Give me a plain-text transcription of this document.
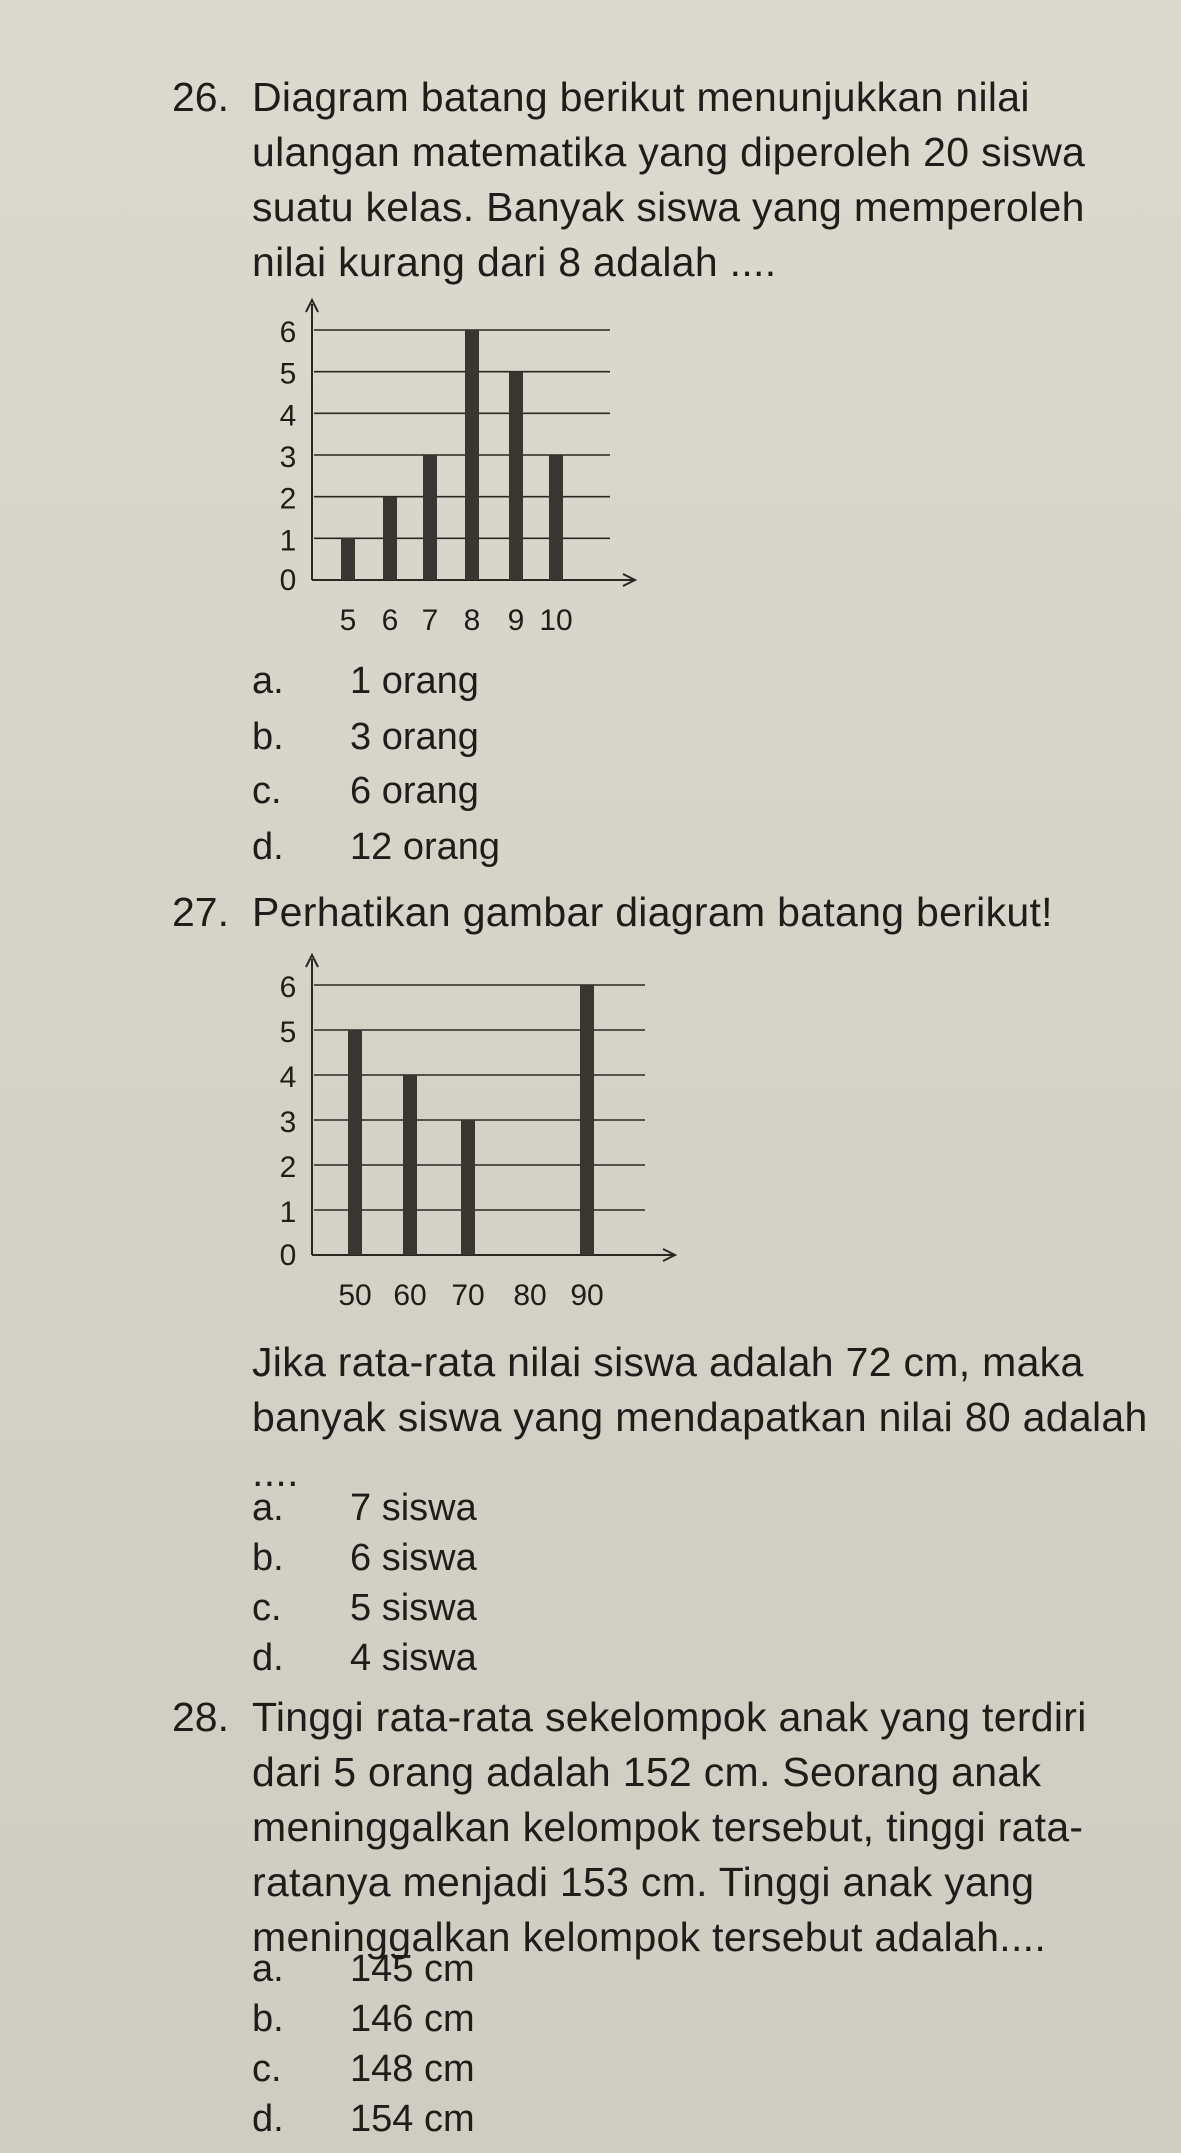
26. Diagram batang berikut menunjukkan nilai
ulangan matematika yang diperoleh 20 siswa
suatu kelas. Banyak siswa yang memperoleh
nilai kurang dari 8 adalah ....
0
1
2
3
4
5
6
5 6 7 8 9 10
a. 1 orang
b. 3 orang
c. 6 orang
d. 12 orang
27. Perhatikan gambar diagram batang berikut!
0
1
2
3
4
5
6
50 60 70 80 90
Jika rata-rata nilai siswa adalah 72 cm, maka
banyak siswa yang mendapatkan nilai 80 adalah
....
a. 7 siswa
b. 6 siswa
c. 5 siswa
d. 4 siswa
28. Tinggi rata-rata sekelompok anak yang terdiri
dari 5 orang adalah 152 cm. Seorang anak
meninggalkan kelompok tersebut, tinggi rata-
ratanya menjadi 153 cm. Tinggi anak yang
meninggalkan kelompok tersebut adalah....
a. 145 cm
b. 146 cm
c. 148 cm
d. 154 cm
